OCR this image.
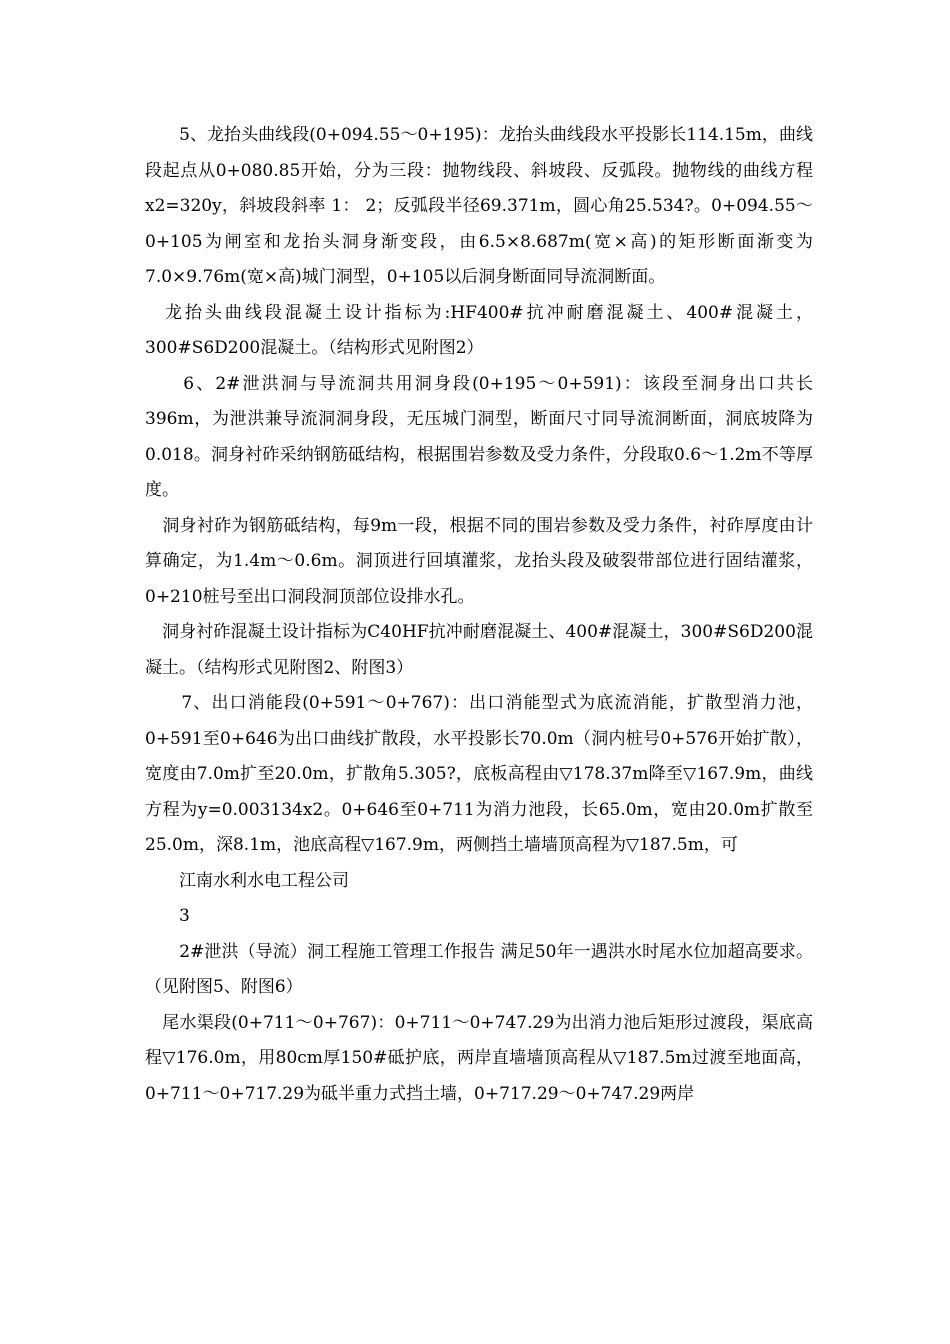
　　5、龙抬头曲线段(0+094.55～0+195)：龙抬头曲线段水平投影长114.15m，曲线段起点从0+080.85开始，分为三段：抛物线段、斜坡段、反弧段。抛物线的曲线方程x2=320y，斜坡段斜率 1： 2；反弧段半径69.371m，圆心角25.534?。0+094.55～0+105为闸室和龙抬头洞身渐变段，由6.5×8.687m(宽×高)的矩形断面渐变为7.0×9.76m(宽×高)城门洞型，0+105以后洞身断面同导流洞断面。

　龙抬头曲线段混凝土设计指标为:HF400#抗冲耐磨混凝土、400#混凝土，300#S6D200混凝土。（结构形式见附图2）

　　6、2#泄洪洞与导流洞共用洞身段(0+195～0+591)：该段至洞身出口共长396m，为泄洪兼导流洞洞身段，无压城门洞型，断面尺寸同导流洞断面，洞底坡降为0.018。洞身衬砟采纳钢筋砥结构，根据围岩参数及受力条件，分段取0.6～1.2m不等厚度。

　洞身衬砟为钢筋砥结构，每9m一段，根据不同的围岩参数及受力条件，衬砟厚度由计算确定，为1.4m～0.6m。洞顶进行回填灌浆，龙抬头段及破裂带部位进行固结灌浆，0+210桩号至出口洞段洞顶部位设排水孔。

　洞身衬砟混凝土设计指标为C40HF抗冲耐磨混凝土、400#混凝土，300#S6D200混凝土。（结构形式见附图2、附图3）

　　7、出口消能段(0+591～0+767)：出口消能型式为底流消能，扩散型消力池，0+591至0+646为出口曲线扩散段，水平投影长70.0m（洞内桩号0+576开始扩散），宽度由7.0m扩至20.0m，扩散角5.305?，底板高程由▽178.37m降至▽167.9m，曲线方程为y=0.003134x2。0+646至0+711为消力池段，长65.0m，宽由20.0m扩散至25.0m，深8.1m，池底高程▽167.9m，两侧挡土墙墙顶高程为▽187.5m，可

　　江南水利水电工程公司

　　3

　　2#泄洪（导流）洞工程施工管理工作报告 满足50年一遇洪水时尾水位加超高要求。（见附图5、附图6）

　尾水渠段(0+711～0+767)：0+711～0+747.29为出消力池后矩形过渡段，渠底高程▽176.0m，用80cm厚150#砥护底，两岸直墙墙顶高程从▽187.5m过渡至地面高，0+711～0+717.29为砥半重力式挡土墙，0+717.29～0+747.29两岸
